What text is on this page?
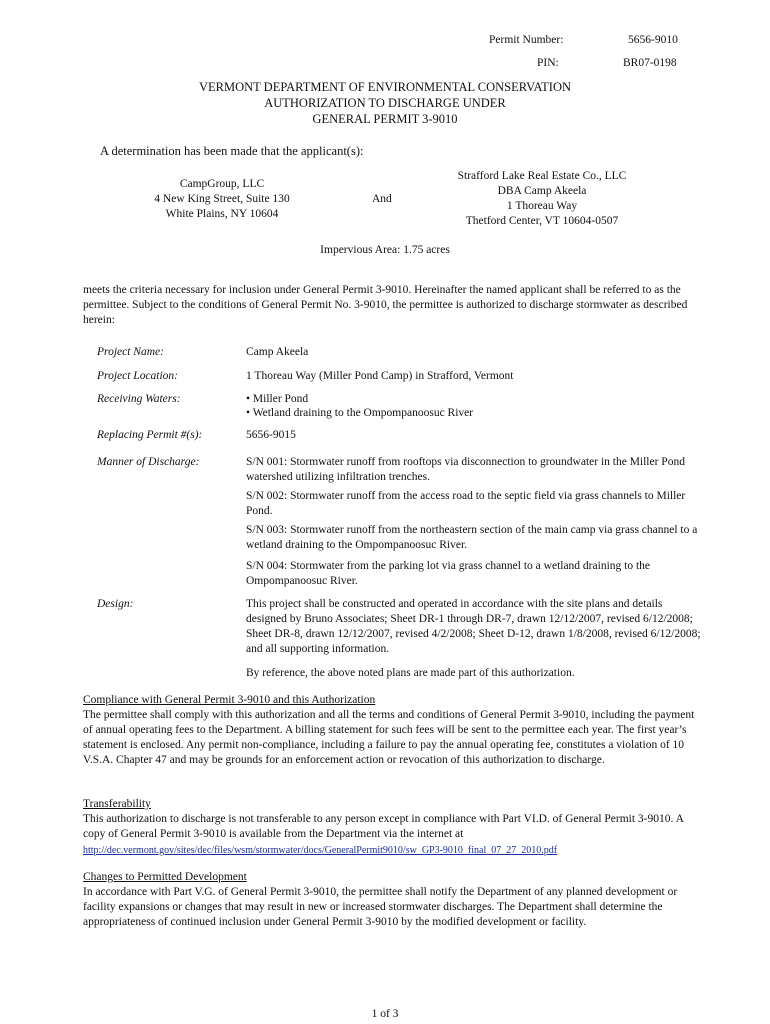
Permit Number:	5656-9010
PIN:	BR07-0198
VERMONT DEPARTMENT OF ENVIRONMENTAL CONSERVATION
AUTHORIZATION TO DISCHARGE UNDER
GENERAL PERMIT 3-9010
A determination has been made that the applicant(s):
CampGroup, LLC
4 New King Street, Suite 130
White Plains, NY 10604
And
Strafford Lake Real Estate Co., LLC
DBA Camp Akeela
1 Thoreau Way
Thetford Center, VT 10604-0507
Impervious Area: 1.75 acres
meets the criteria necessary for inclusion under General Permit 3-9010. Hereinafter the named applicant shall be referred to as the permittee. Subject to the conditions of General Permit No. 3-9010, the permittee is authorized to discharge stormwater as described herein:
Project Name:	Camp Akeela
Project Location:	1 Thoreau Way (Miller Pond Camp) in Strafford, Vermont
Receiving Waters:	• Miller Pond
• Wetland draining to the Ompompanoosuc River
Replacing Permit #(s):	5656-9015
Manner of Discharge:	S/N 001: Stormwater runoff from rooftops via disconnection to groundwater in the Miller Pond watershed utilizing infiltration trenches.
S/N 002: Stormwater runoff from the access road to the septic field via grass channels to Miller Pond.
S/N 003: Stormwater runoff from the northeastern section of the main camp via grass channel to a wetland draining to the Ompompanoosuc River.
S/N 004: Stormwater from the parking lot via grass channel to a wetland draining to the Ompompanoosuc River.
Design:	This project shall be constructed and operated in accordance with the site plans and details designed by Bruno Associates; Sheet DR-1 through DR-7, drawn 12/12/2007, revised 6/12/2008; Sheet DR-8, drawn 12/12/2007, revised 4/2/2008; Sheet D-12, drawn 1/8/2008, revised 6/12/2008; and all supporting information.
By reference, the above noted plans are made part of this authorization.
Compliance with General Permit 3-9010 and this Authorization
The permittee shall comply with this authorization and all the terms and conditions of General Permit 3-9010, including the payment of annual operating fees to the Department. A billing statement for such fees will be sent to the permittee each year. The first year’s statement is enclosed. Any permit non-compliance, including a failure to pay the annual operating fee, constitutes a violation of 10 V.S.A. Chapter 47 and may be grounds for an enforcement action or revocation of this authorization to discharge.
Transferability
This authorization to discharge is not transferable to any person except in compliance with Part VI.D. of General Permit 3-9010. A copy of General Permit 3-9010 is available from the Department via the internet at
http://dec.vermont.gov/sites/dec/files/wsm/stormwater/docs/GeneralPermit9010/sw_GP3-9010_final_07_27_2010.pdf
Changes to Permitted Development
In accordance with Part V.G. of General Permit 3-9010, the permittee shall notify the Department of any planned development or facility expansions or changes that may result in new or increased stormwater discharges. The Department shall determine the appropriateness of continued inclusion under General Permit 3-9010 by the modified development or facility.
1 of 3
